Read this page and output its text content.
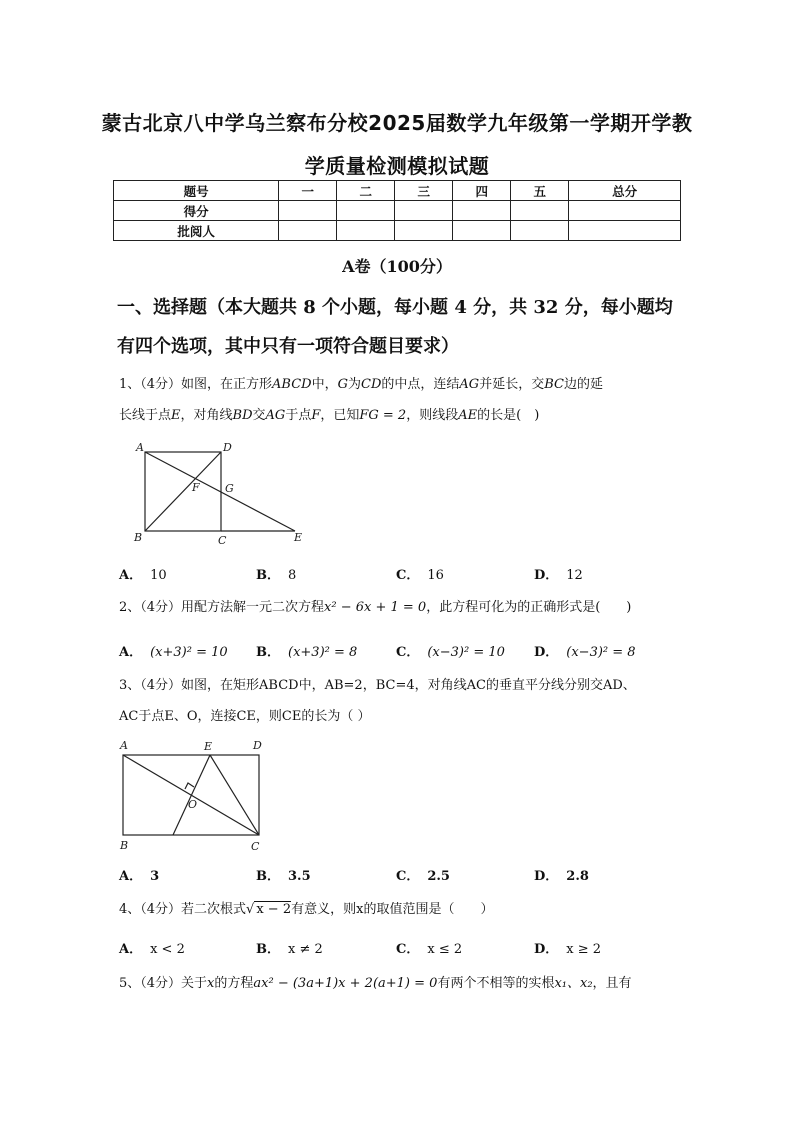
蒙古北京八中学乌兰察布分校2025届数学九年级第一学期开学教
学质量检测模拟试题
题号	一	二	三	四	五	总分
得分						
批阅人						
A卷（100分）
一、选择题（本大题共 8 个小题，每小题 4 分，共 32 分，每小题均
有四个选项，其中只有一项符合题目要求）
1、（4分）如图，在正方形ABCD中，G为CD的中点，连结AG并延长，交BC边的延
长线于点E，对角线BD交AG于点F，已知FG = 2，则线段AE的长是(　)
A	D
F G
B	C	E
A． 10	B． 8	C． 16	D． 12
2、（4分）用配方法解一元二次方程x² − 6x + 1 = 0，此方程可化为的正确形式是(　　)
A． (x+3)² = 10 B． (x+3)² = 8	C． (x−3)² = 10 D． (x−3)² = 8
3、（4分）如图，在矩形ABCD中，AB=2，BC=4，对角线AC的垂直平分线分别交AD、
AC于点E、O，连接CE，则CE的长为（ ）
A	E	D
O
B	C
A． 3	B． 3.5	C． 2.5	D． 2.8
4、（4分）若二次根式√ x − 2有意义，则x的取值范围是（　　）
A． x < 2	B． x ≠ 2	C． x ≤ 2	D． x ≥ 2
5、（4分）关于x的方程ax² − (3a+1)x + 2(a+1) = 0有两个不相等的实根x₁、x₂，且有
